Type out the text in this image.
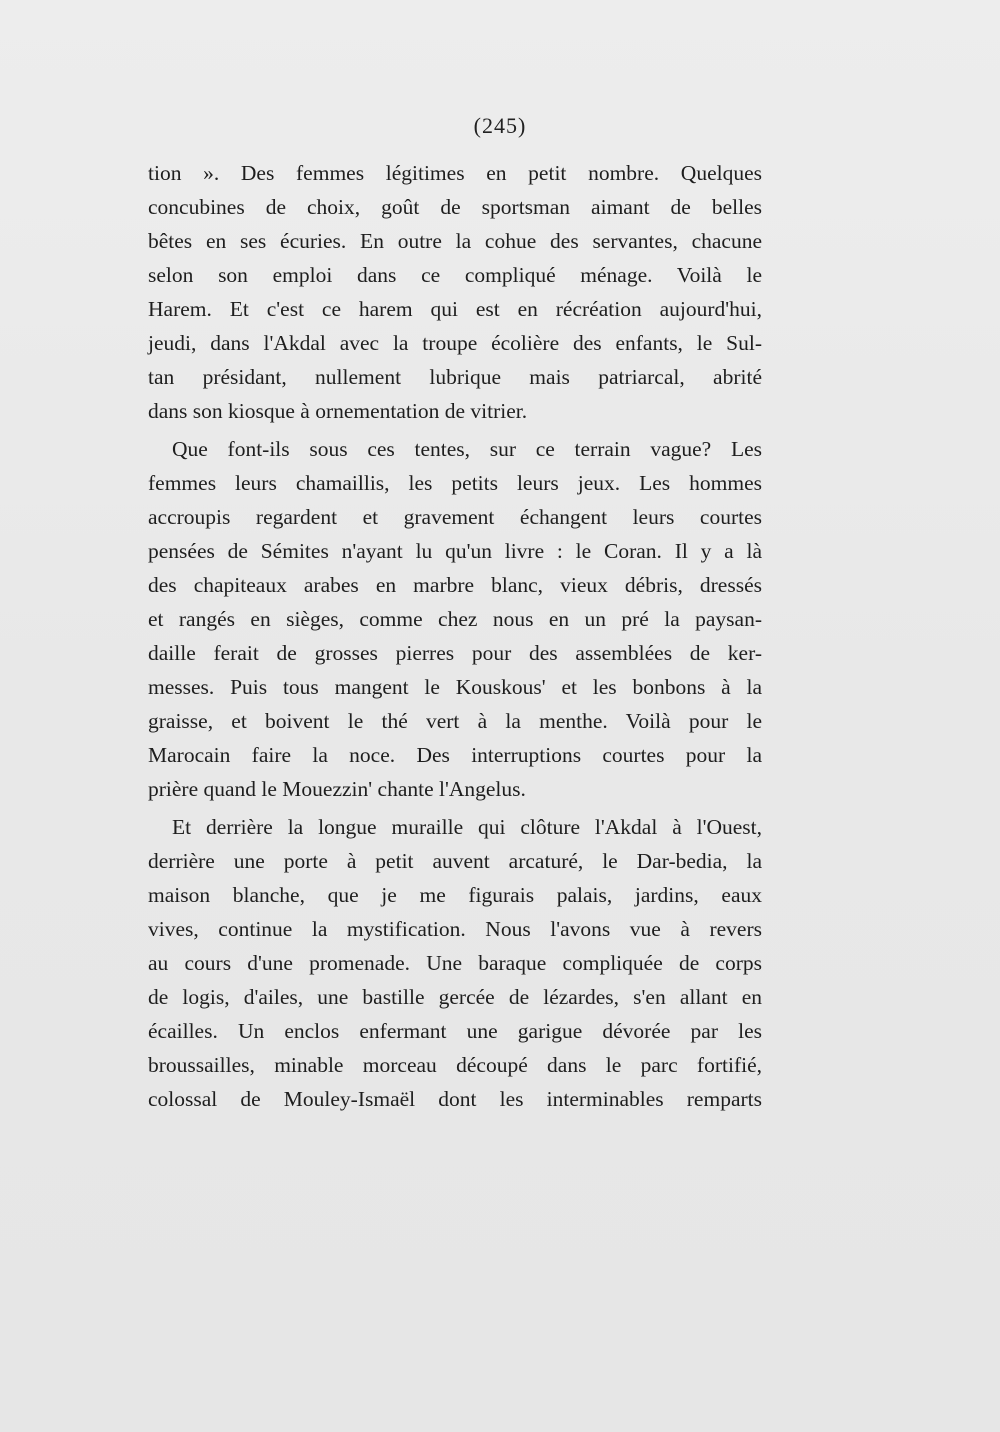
(245)
tion ». Des femmes légitimes en petit nombre. Quelques
concubines de choix, goût de sportsman aimant de belles
bêtes en ses écuries. En outre la cohue des servantes, chacune
selon son emploi dans ce compliqué ménage. Voilà le
Harem. Et c'est ce harem qui est en récréation aujourd'hui,
jeudi, dans l'Akdal avec la troupe écolière des enfants, le Sul-
tan présidant, nullement lubrique mais patriarcal, abrité
dans son kiosque à ornementation de vitrier.
Que font-ils sous ces tentes, sur ce terrain vague? Les
femmes leurs chamaillis, les petits leurs jeux. Les hommes
accroupis regardent et gravement échangent leurs courtes
pensées de Sémites n'ayant lu qu'un livre : le Coran. Il y a là
des chapiteaux arabes en marbre blanc, vieux débris, dressés
et rangés en sièges, comme chez nous en un pré la paysan-
daille ferait de grosses pierres pour des assemblées de ker-
messes. Puis tous mangent le Kouskous' et les bonbons à la
graisse, et boivent le thé vert à la menthe. Voilà pour le
Marocain faire la noce. Des interruptions courtes pour la
prière quand le Mouezzin' chante l'Angelus.
Et derrière la longue muraille qui clôture l'Akdal à l'Ouest,
derrière une porte à petit auvent arcaturé, le Dar-bedia, la
maison blanche, que je me figurais palais, jardins, eaux
vives, continue la mystification. Nous l'avons vue à revers
au cours d'une promenade. Une baraque compliquée de corps
de logis, d'ailes, une bastille gercée de lézardes, s'en allant en
écailles. Un enclos enfermant une garigue dévorée par les
broussailles, minable morceau découpé dans le parc fortifié,
colossal de Mouley-Ismaël dont les interminables remparts
